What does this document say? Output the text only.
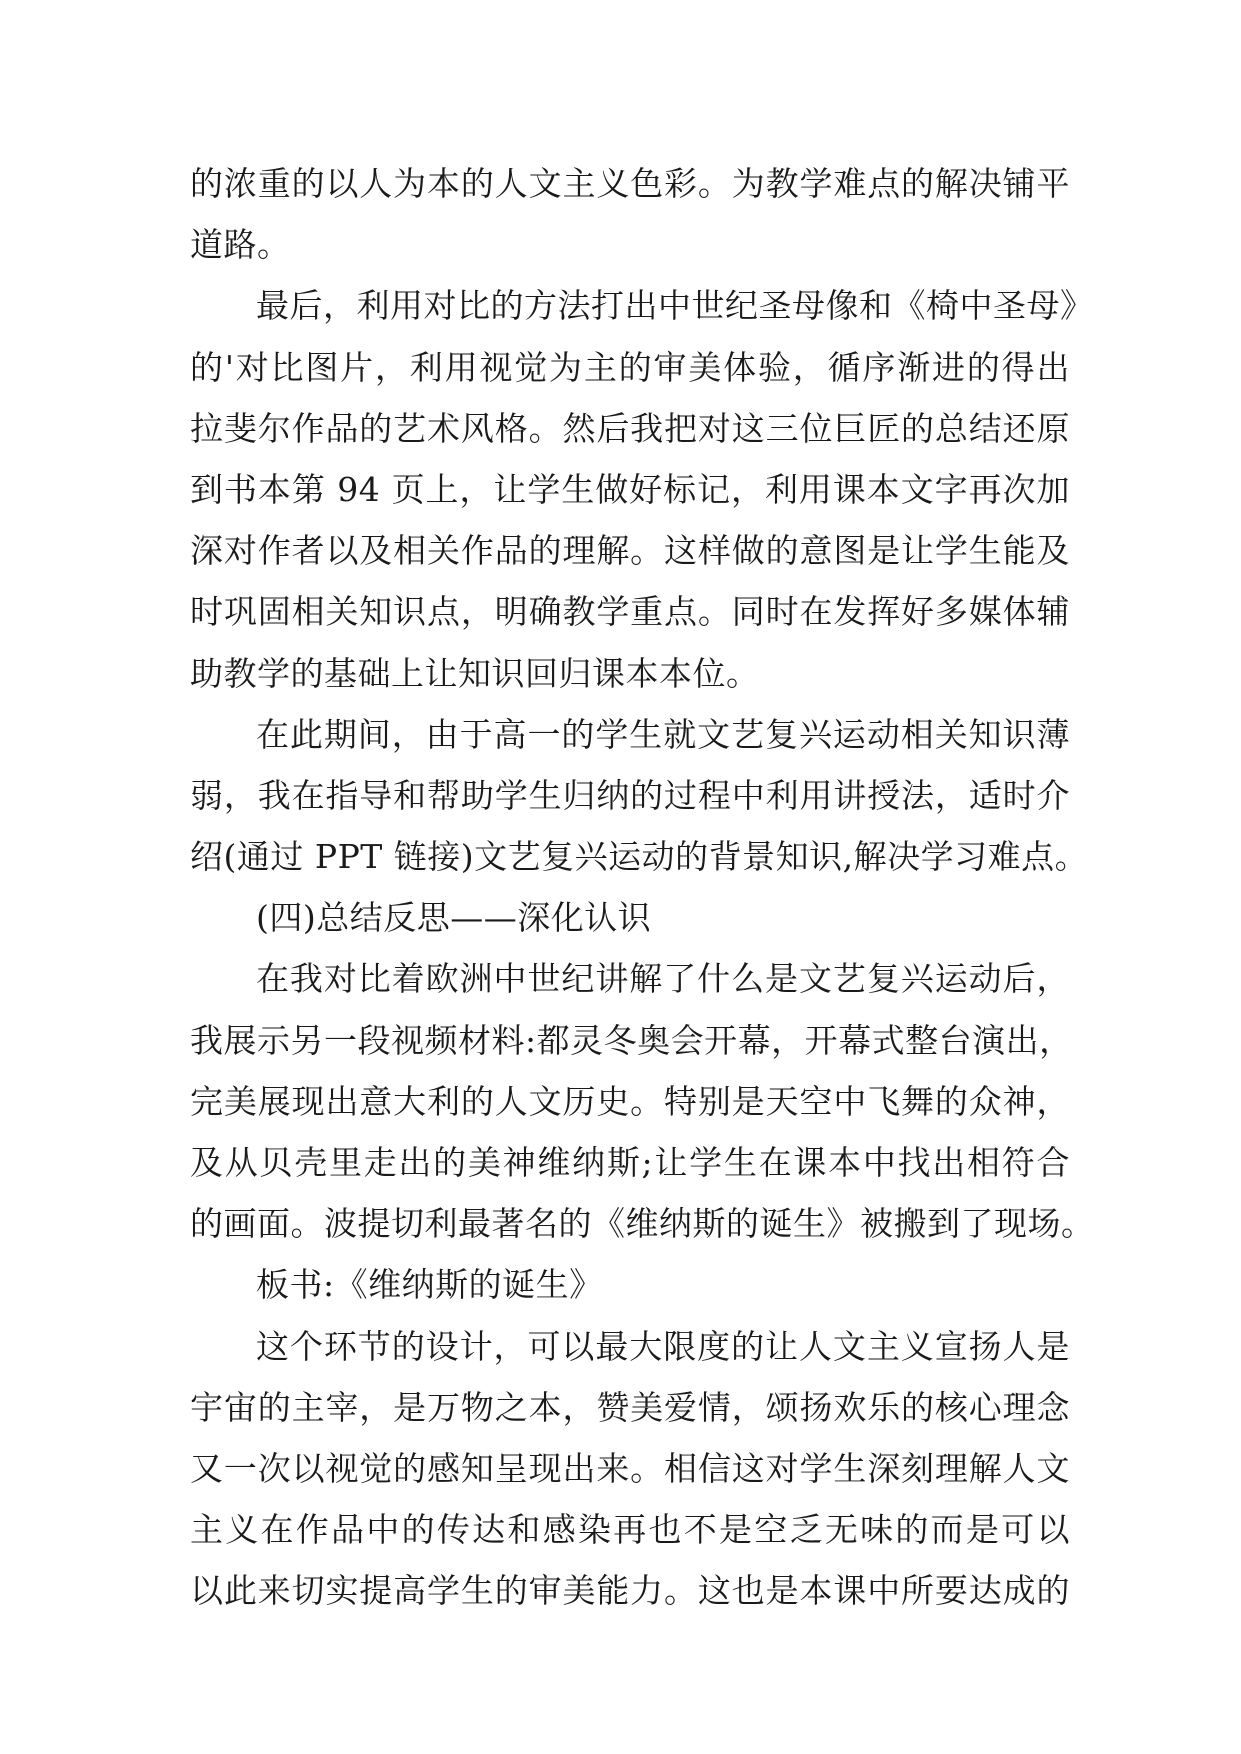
的浓重的以人为本的人文主义色彩。为教学难点的解决铺平
道路。
最后，利用对比的方法打出中世纪圣母像和《椅中圣母》
的'对比图片，利用视觉为主的审美体验，循序渐进的得出
拉斐尔作品的艺术风格。然后我把对这三位巨匠的总结还原
到书本第 94 页上，让学生做好标记，利用课本文字再次加
深对作者以及相关作品的理解。这样做的意图是让学生能及
时巩固相关知识点，明确教学重点。同时在发挥好多媒体辅
助教学的基础上让知识回归课本本位。
在此期间，由于高一的学生就文艺复兴运动相关知识薄
弱，我在指导和帮助学生归纳的过程中利用讲授法，适时介
绍(通过 PPT 链接)文艺复兴运动的背景知识,解决学习难点。
(四)总结反思——深化认识
在我对比着欧洲中世纪讲解了什么是文艺复兴运动后，
我展示另一段视频材料:都灵冬奥会开幕，开幕式整台演出，
完美展现出意大利的人文历史。特别是天空中飞舞的众神，
及从贝壳里走出的美神维纳斯;让学生在课本中找出相符合
的画面。波提切利最著名的《维纳斯的诞生》被搬到了现场。
板书:《维纳斯的诞生》
这个环节的设计，可以最大限度的让人文主义宣扬人是
宇宙的主宰，是万物之本，赞美爱情，颂扬欢乐的核心理念
又一次以视觉的感知呈现出来。相信这对学生深刻理解人文
主义在作品中的传达和感染再也不是空乏无味的而是可以
以此来切实提高学生的审美能力。这也是本课中所要达成的
